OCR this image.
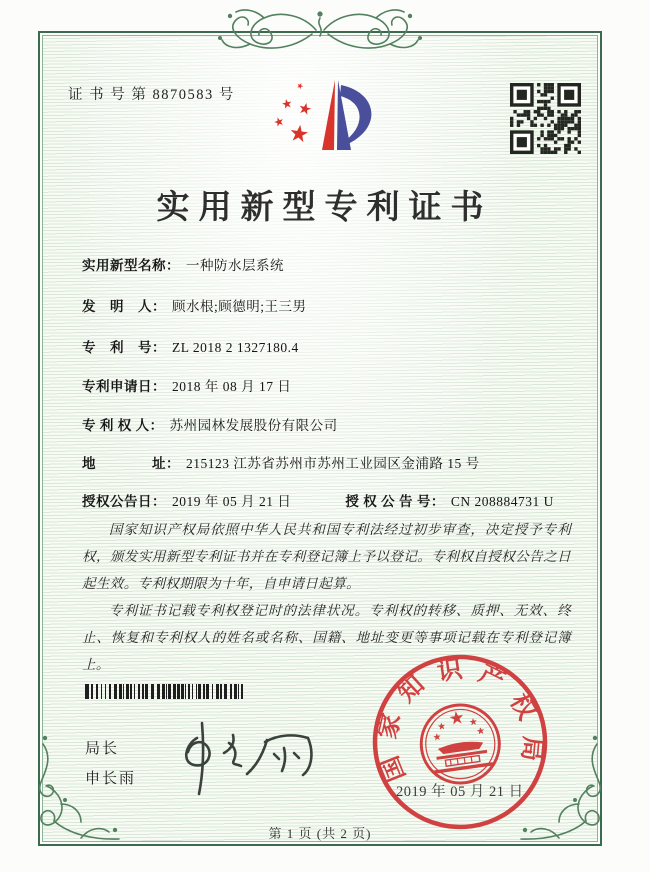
证 书 号 第 8870583 号
实用新型专利证书
实用新型名称： 一种防水层系统
发　明　人： 顾水根;顾德明;王三男
专　利　号： ZL 2018 2 1327180.4
专利申请日： 2018 年 08 月 17 日
专 利 权 人： 苏州园林发展股份有限公司
地　　　　址： 215123 江苏省苏州市苏州工业园区金浦路 15 号
授权公告日： 2019 年 05 月 21 日	授 权 公 告 号： CN 208884731 U

国家知识产权局依照中华人民共和国专利法经过初步审查，决定授予专利权，颁发实用新型专利证书并在专利登记簿上予以登记。专利权自授权公告之日起生效。专利权期限为十年，自申请日起算。

专利证书记载专利权登记时的法律状况。专利权的转移、质押、无效、终止、恢复和专利权人的姓名或名称、国籍、地址变更等事项记载在专利登记簿上。

局长
申长雨	国家知识产权局
2019 年 05 月 21 日
第 1 页 (共 2 页)
